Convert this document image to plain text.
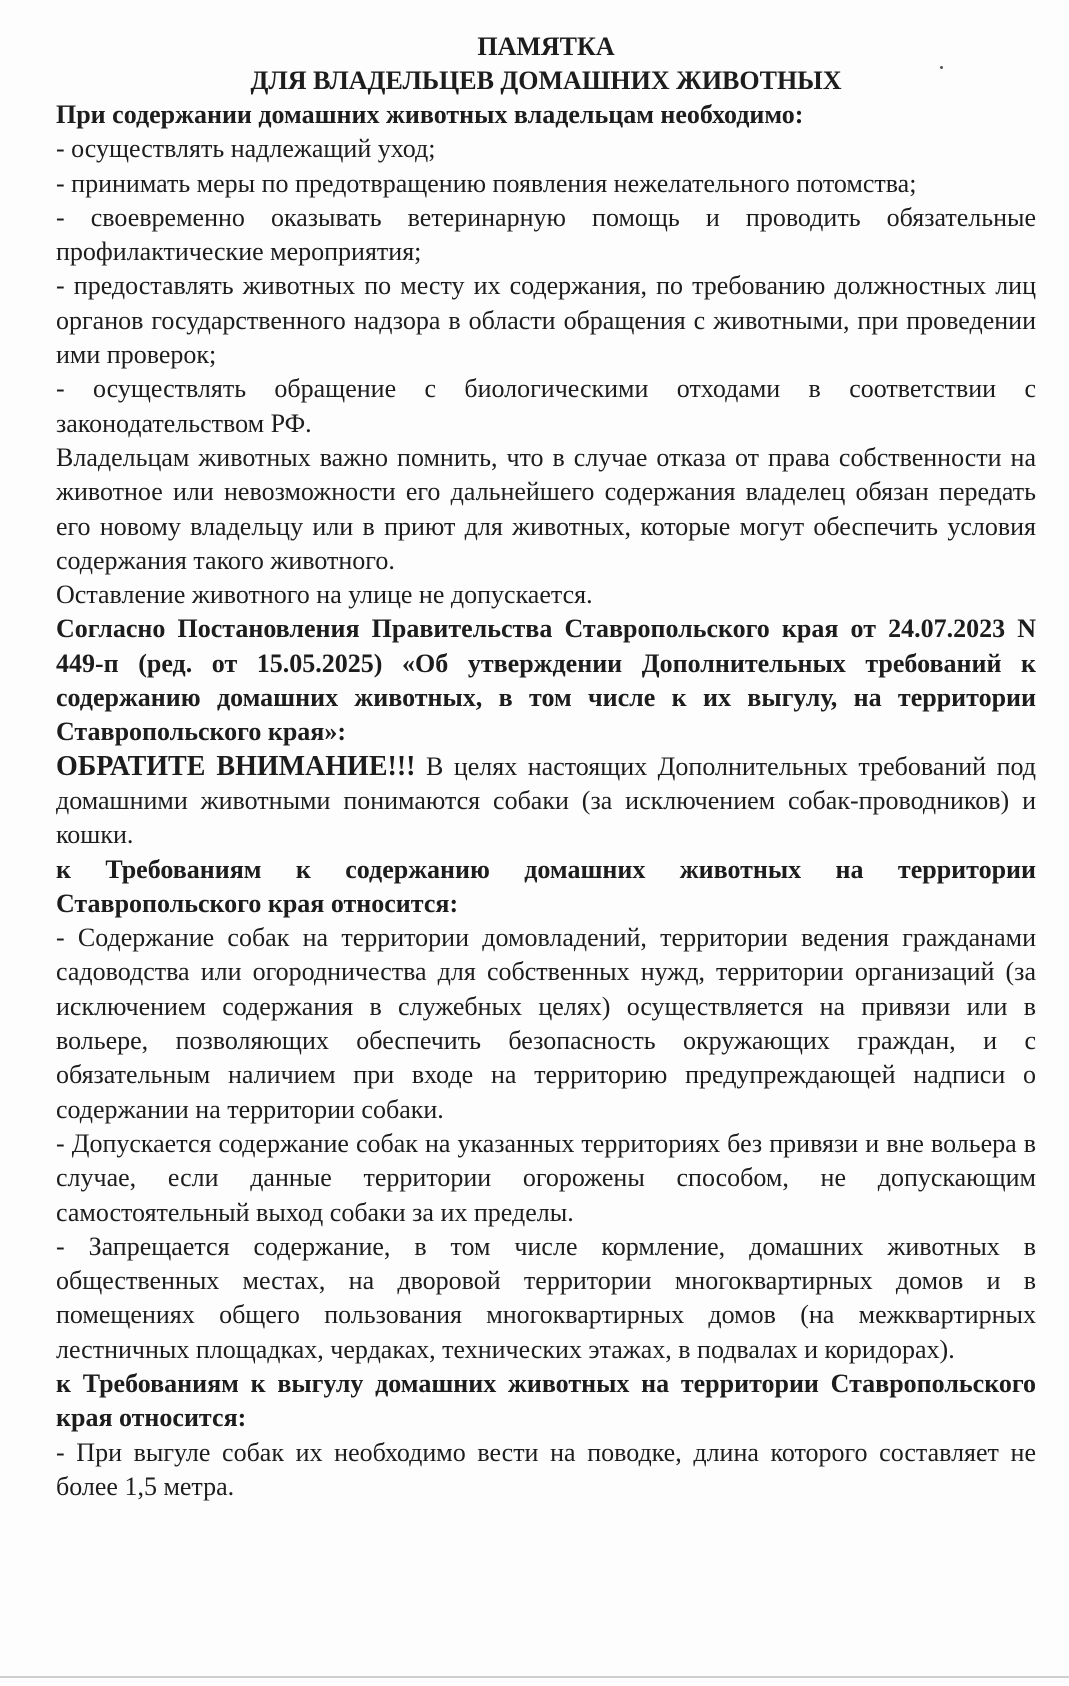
ПАМЯТКА

ДЛЯ ВЛАДЕЛЬЦЕВ ДОМАШНИХ ЖИВОТНЫХ

При содержании домашних животных владельцам необходимо:

- осуществлять надлежащий уход;

- принимать меры по предотвращению появления нежелательного потомства;

- своевременно оказывать ветеринарную помощь и проводить обязательные профилактические мероприятия;

- предоставлять животных по месту их содержания, по требованию должностных лиц органов государственного надзора в области обращения с животными, при проведении ими проверок;

- осуществлять обращение с биологическими отходами в соответствии с законодательством РФ.

Владельцам животных важно помнить, что в случае отказа от права собственности на животное или невозможности его дальнейшего содержания владелец обязан передать его новому владельцу или в приют для животных, которые могут обеспечить условия содержания такого животного.

Оставление животного на улице не допускается.

Согласно Постановления Правительства Ставропольского края от 24.07.2023 N 449-п (ред. от 15.05.2025) «Об утверждении Дополнительных требований к содержанию домашних животных, в том числе к их выгулу, на территории Ставропольского края»:

ОБРАТИТЕ ВНИМАНИЕ!!! В целях настоящих Дополнительных требований под домашними животными понимаются собаки (за исключением собак-проводников) и кошки.

к Требованиям к содержанию домашних животных на территории Ставропольского края относится:

- Содержание собак на территории домовладений, территории ведения гражданами садоводства или огородничества для собственных нужд, территории организаций (за исключением содержания в служебных целях) осуществляется на привязи или в вольере, позволяющих обеспечить безопасность окружающих граждан, и с обязательным наличием при входе на территорию предупреждающей надписи о содержании на территории собаки.

- Допускается содержание собак на указанных территориях без привязи и вне вольера в случае, если данные территории огорожены способом, не допускающим самостоятельный выход собаки за их пределы.

- Запрещается содержание, в том числе кормление, домашних животных в общественных местах, на дворовой территории многоквартирных домов и в помещениях общего пользования многоквартирных домов (на межквартирных лестничных площадках, чердаках, технических этажах, в подвалах и коридорах).

к Требованиям к выгулу домашних животных на территории Ставропольского края относится:

- При выгуле собак их необходимо вести на поводке, длина которого составляет не более 1,5 метра.
